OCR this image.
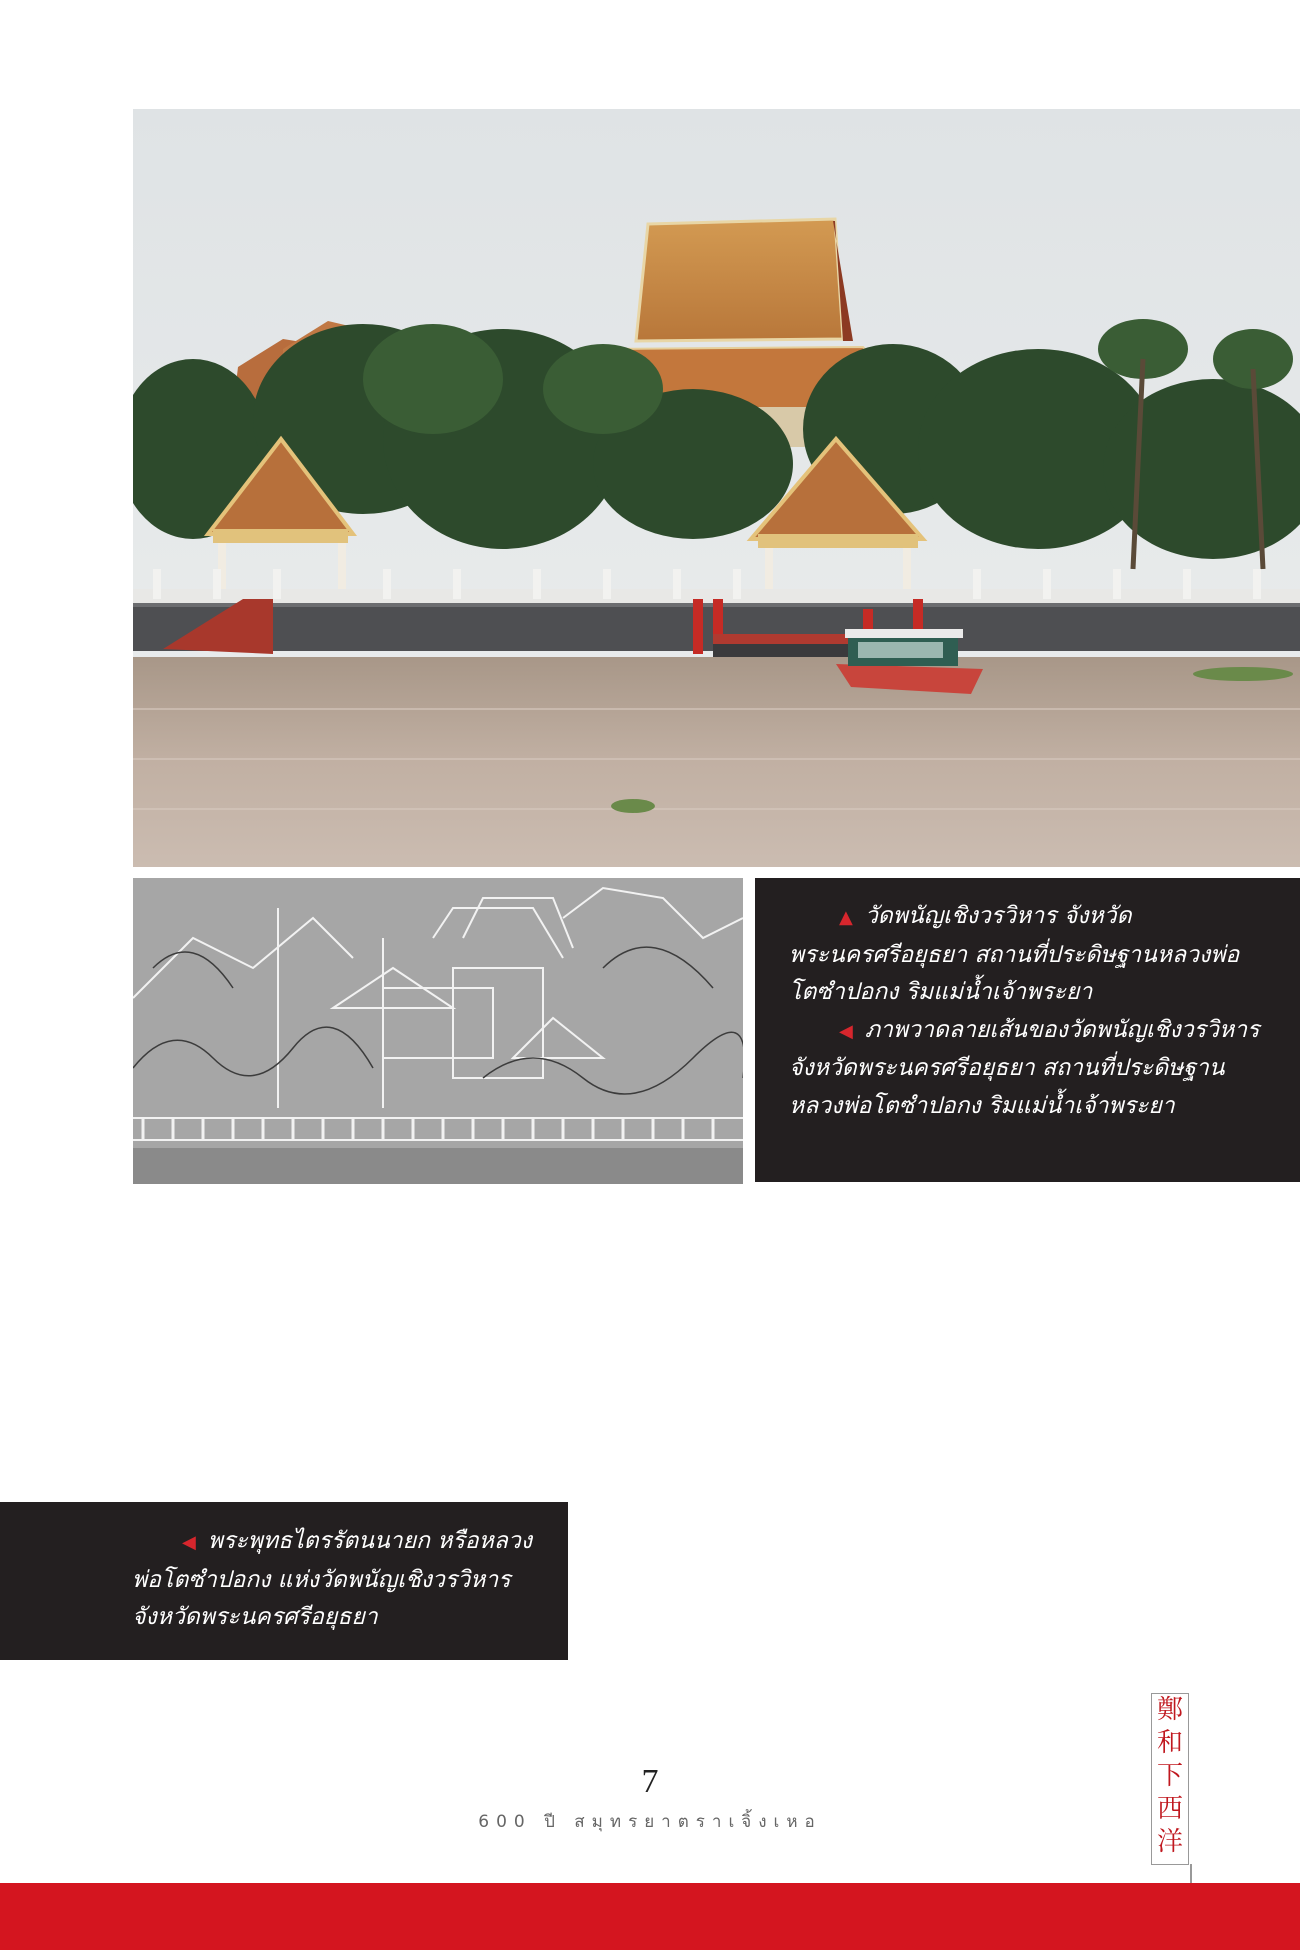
▲ วัดพนัญเชิงวรวิหาร จังหวัดพระนครศรีอยุธยา สถานที่ประดิษฐานหลวงพ่อโตซำปอกง ริมแม่น้ำเจ้าพระยา

◀ ภาพวาดลายเส้นของวัดพนัญเชิงวรวิหาร จังหวัดพระนครศรีอยุธยา สถานที่ประดิษฐานหลวงพ่อโตซำปอกง ริมแม่น้ำเจ้าพระยา

◀ พระพุทธไตรรัตนนายก หรือหลวงพ่อโตซำปอกง แห่งวัดพนัญเชิงวรวิหาร จังหวัดพระนครศรีอยุธยา

7
600 ปี สมุทรยาตราเจิ้งเหอ
鄭
和
下
西
洋
